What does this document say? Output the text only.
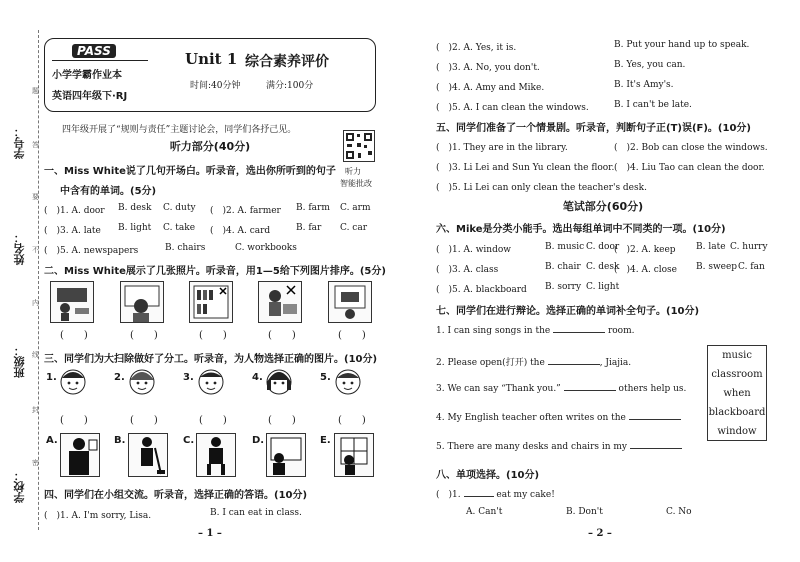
学号：
姓名：
班级：
学校：
题
答
要
不
内
线
封
密
PASS
小学学霸作业本
英语四年级下·RJ
Unit 1 综合素养评价
时间:40分钟	满分:100分
四年级开展了“规则与责任”主题讨论会，同学们各抒己见。
听力
智能批改
听力部分(40分)
一、Miss White说了几句开场白。听录音，选出你所听到的句子
中含有的单词。(5分)
(　)1. A. door B. desk C. duty (　)2. A. farmer B. farm C. arm
(　)3. A. late B. light C. take (　)4. A. card	B. far C. car
(　)5. A. newspapers	B. chairs	C. workbooks
二、Miss White展示了几张照片。听录音，用1—5给下列图片排序。(5分)
(　　)	(　　)	(　　)	(　　)	(　　)
三、同学们为大扫除做好了分工。听录音，为人物选择正确的图片。(10分)
1.	2.	3.	4.	5.
(　　)	(　　)	(　　)	(　　)	(　　)
A.	B.	C.	D.	E.
四、同学们在小组交流。听录音，选择正确的答语。(10分)
(　)1. A. I'm sorry, Lisa.	B. I can eat in class.
– 1 –
(　)2. A. Yes, it is.	B. Put your hand up to speak.
(　)3. A. No, you don't.	B. Yes, you can.
(　)4. A. Amy and Mike.	B. It's Amy's.
(　)5. A. I can clean the windows.	B. I can't be late.
五、同学们准备了一个情景剧。听录音，判断句子正(T)误(F)。(10分)
(　)1. They are in the library.	(　)2. Bob can close the windows.
(　)3. Li Lei and Sun Yu clean the floor. (　)4. Liu Tao can clean the door.
(　)5. Li Lei can only clean the teacher's desk.
笔试部分(60分)
六、Mike是分类小能手。选出每组单词中不同类的一项。(10分)
(　)1. A. window	B. music C. door
(　)2. A. keep B. late C. hurry
(　)3. A. class	B. chair C. desk
(　)4. A. close B. sweep C. fan
(　)5. A. blackboard B. sorry C. light
七、同学们在进行辩论。选择正确的单词补全句子。(10分)
1. I can sing songs in the	room.
2. Please open(打开) the	, Jiajia.
3. We can say “Thank you.”	others help us.
4. My English teacher often writes on the
5. There are many desks and chairs in my
music
classroom
when
blackboard
window
八、单项选择。(10分)
(　)1.	eat my cake!
A. Can't	B. Don't	C. No
– 2 –
